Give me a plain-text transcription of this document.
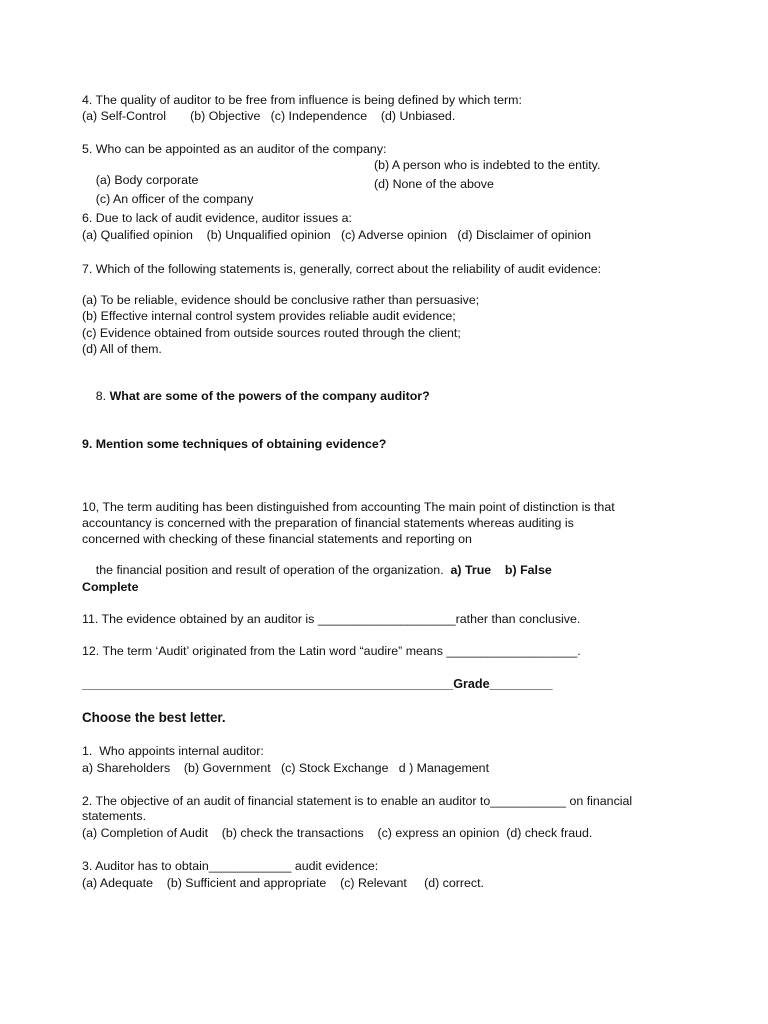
4. The quality of auditor to be free from influence is being defined by which term:
(a) Self-Control       (b) Objective   (c) Independence    (d) Unbiased.
5. Who can be appointed as an auditor of the company:

(a) Body corporate

(b) A person who is indebted to the entity.

(c) An officer of the company

(d) None of the above

6. Due to lack of audit evidence, auditor issues a:
(a) Qualified opinion    (b) Unqualified opinion   (c) Adverse opinion   (d) Disclaimer of opinion
7. Which of the following statements is, generally, correct about the reliability of audit evidence:
(a) To be reliable, evidence should be conclusive rather than persuasive;
(b) Effective internal control system provides reliable audit evidence;
(c) Evidence obtained from outside sources routed through the client;
(d) All of them.

8. What are some of the powers of the company auditor?

9. Mention some techniques of obtaining evidence?
10, The term auditing has been distinguished from accounting The main point of distinction is that
accountancy is concerned with the preparation of financial statements whereas auditing is
concerned with checking of these financial statements and reporting on

the financial position and result of operation of the organization.  a) True    b) False

Complete
11. The evidence obtained by an auditor is ____________________rather than conclusive.
12. The term ‘Audit’ originated from the Latin word “audire” means ___________________.
_____________________________________________________Grade_________
Choose the best letter.
1.  Who appoints internal auditor:
a) Shareholders    (b) Government   (c) Stock Exchange   d ) Management
2. The objective of an audit of financial statement is to enable an auditor to___________ on financial
statements.
(a) Completion of Audit    (b) check the transactions    (c) express an opinion  (d) check fraud.
3. Auditor has to obtain____________ audit evidence:
(a) Adequate    (b) Sufficient and appropriate    (c) Relevant     (d) correct.
